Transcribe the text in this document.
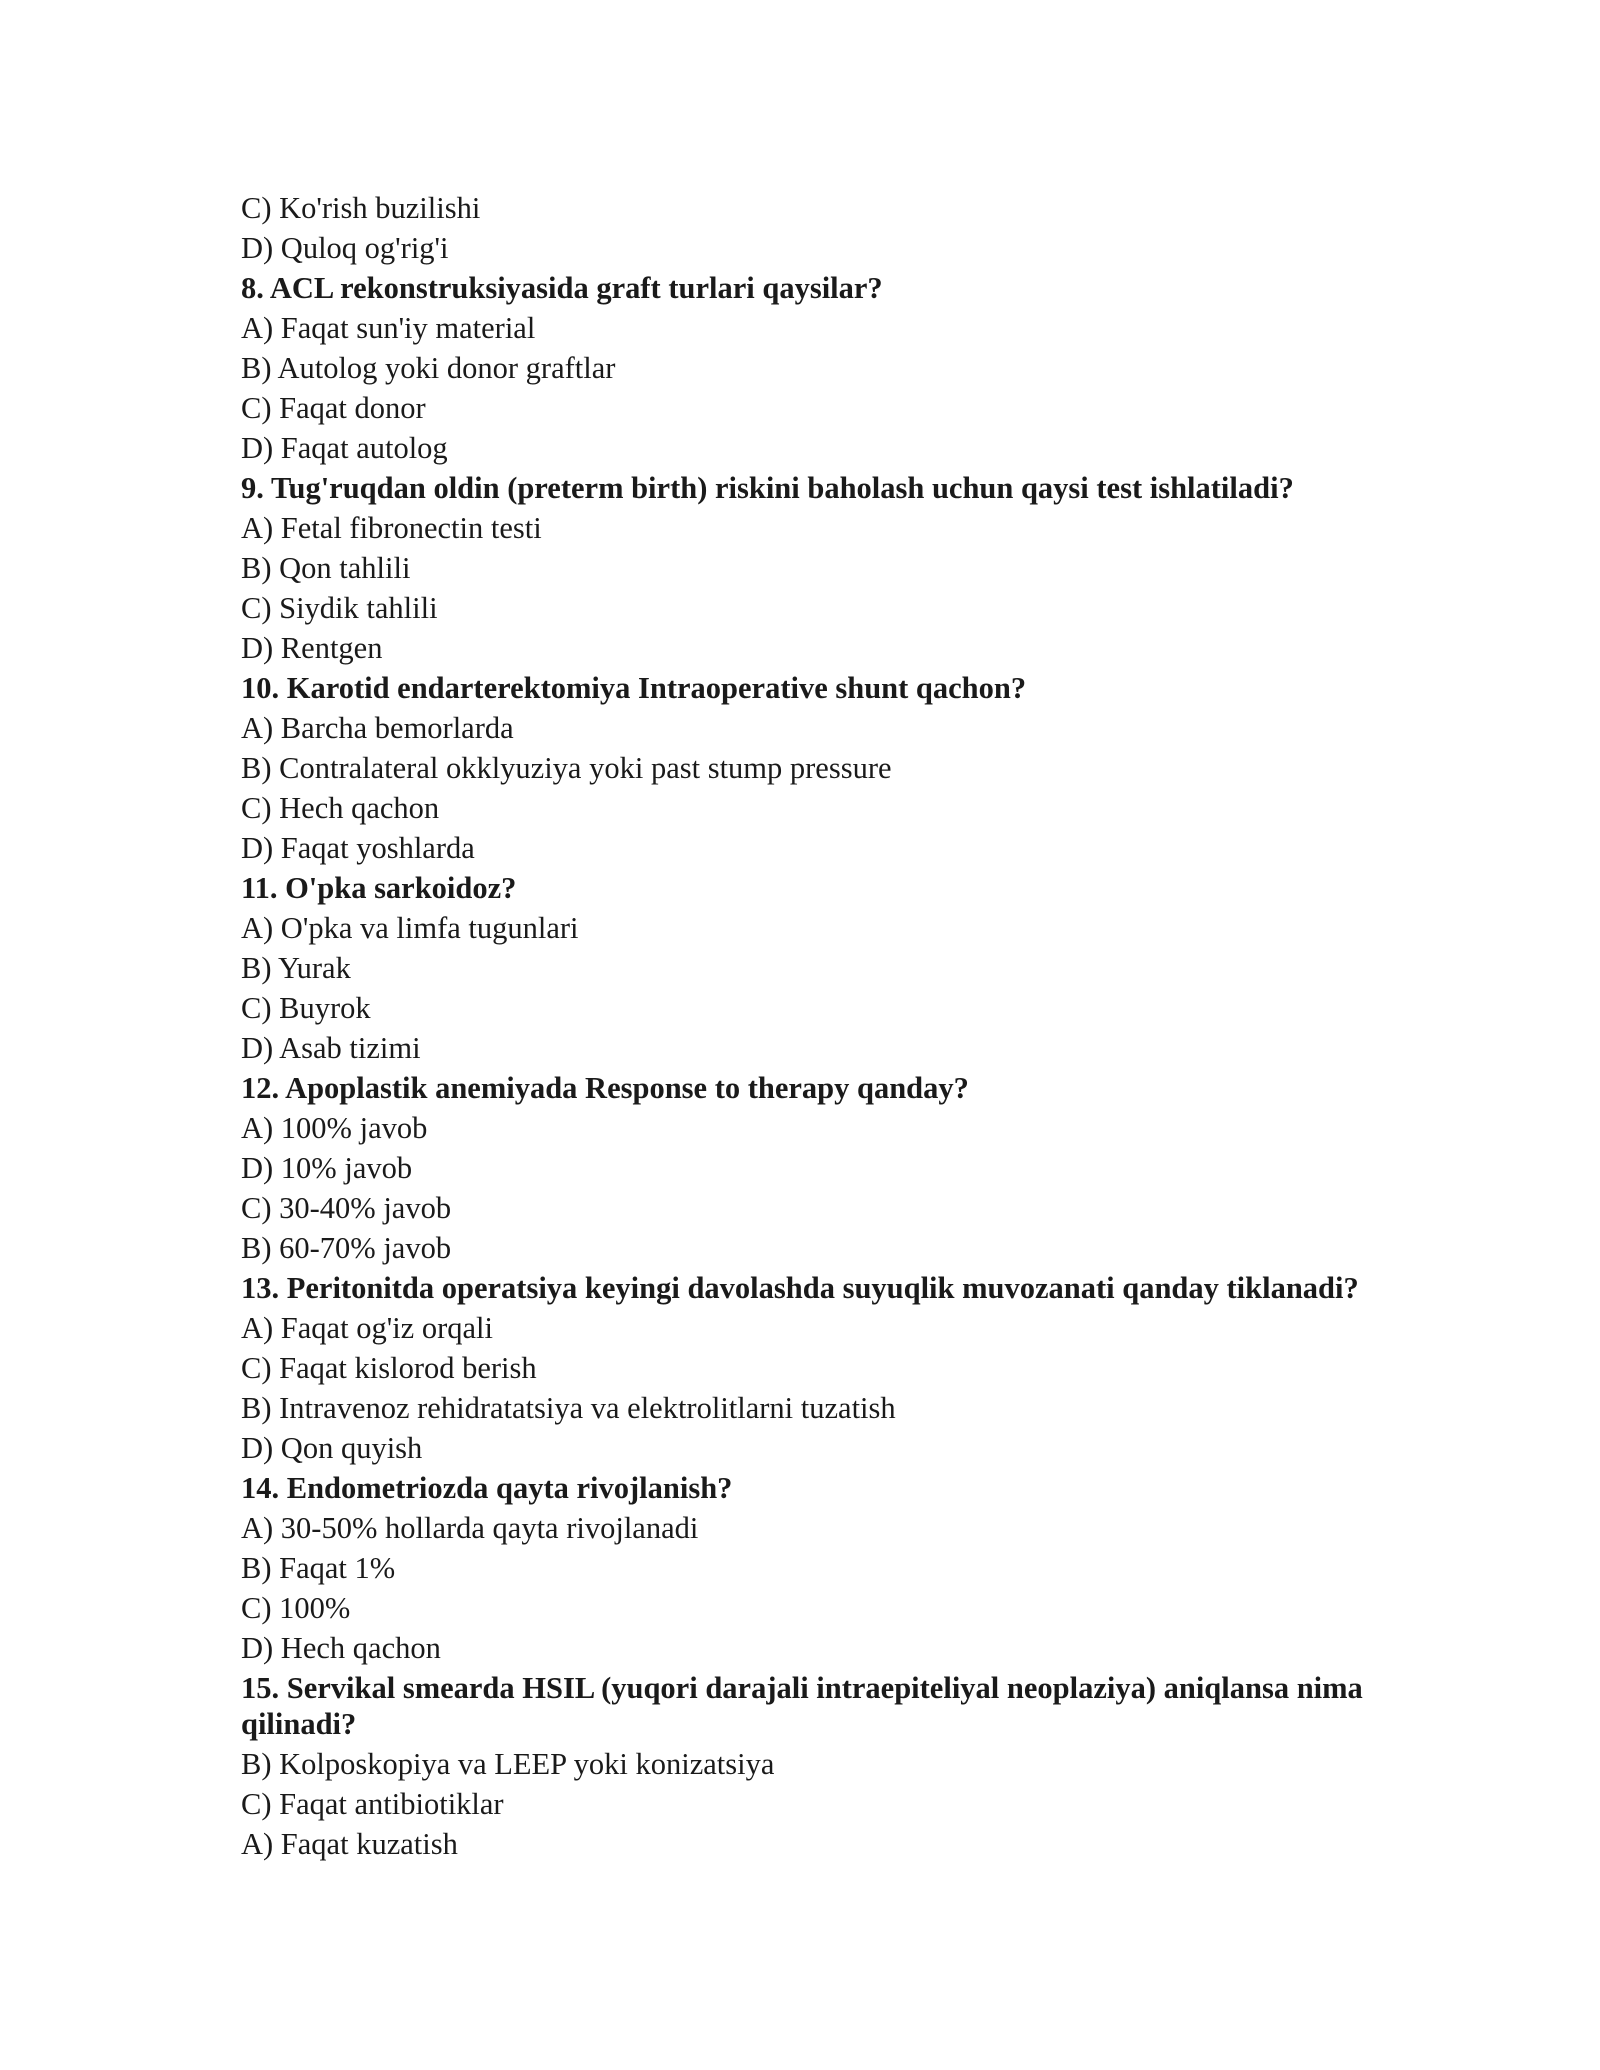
C) Ko'rish buzilishi
D) Quloq og'rig'i
8. ACL rekonstruksiyasida graft turlari qaysilar?
A) Faqat sun'iy material
B) Autolog yoki donor graftlar
C) Faqat donor
D) Faqat autolog
9. Tug'ruqdan oldin (preterm birth) riskini baholash uchun qaysi test ishlatiladi?
A) Fetal fibronectin testi
B) Qon tahlili
C) Siydik tahlili
D) Rentgen
10. Karotid endarterektomiya Intraoperative shunt qachon?
A) Barcha bemorlarda
B) Contralateral okklyuziya yoki past stump pressure
C) Hech qachon
D) Faqat yoshlarda
11. O'pka sarkoidoz?
A) O'pka va limfa tugunlari
B) Yurak
C) Buyrok
D) Asab tizimi
12. Apoplastik anemiyada Response to therapy qanday?
A) 100% javob
D) 10% javob
C) 30-40% javob
B) 60-70% javob
13. Peritonitda operatsiya keyingi davolashda suyuqlik muvozanati qanday tiklanadi?
A) Faqat og'iz orqali
C) Faqat kislorod berish
B) Intravenoz rehidratatsiya va elektrolitlarni tuzatish
D) Qon quyish
14. Endometriozda qayta rivojlanish?
A) 30-50% hollarda qayta rivojlanadi
B) Faqat 1%
C) 100%
D) Hech qachon
15. Servikal smearda HSIL (yuqori darajali intraepiteliyal neoplaziya) aniqlansa nima qilinadi?
B) Kolposkopiya va LEEP yoki konizatsiya
C) Faqat antibiotiklar
A) Faqat kuzatish
